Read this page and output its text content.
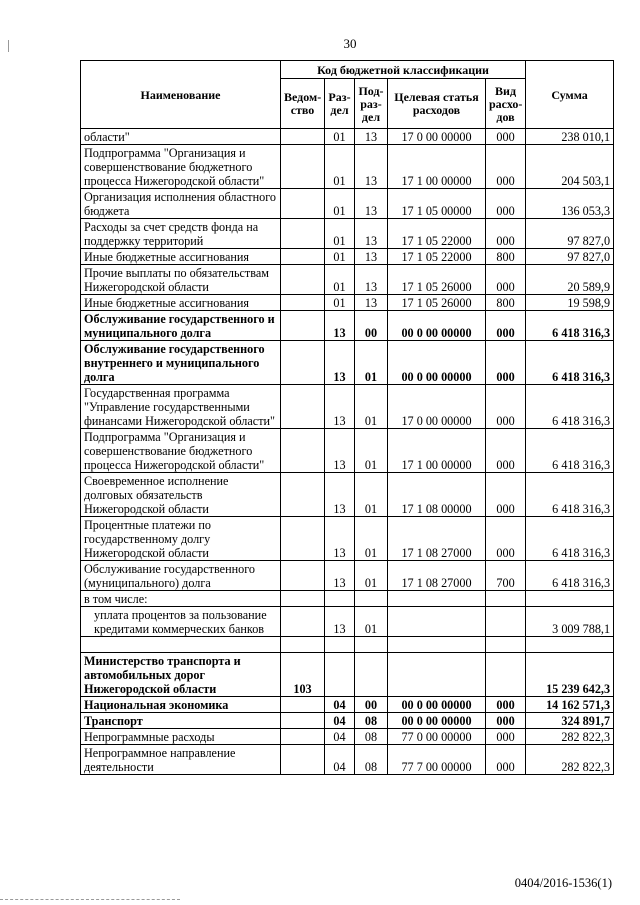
30
Наименование	Код бюджетной классификации					Сумма
	Ведом-ство	Раз-дел	Под-раз-дел	Целевая статья расходов	Вид расхо-дов	
области"		01	13	17 0 00 00000	000	238 010,1
Подпрограмма "Организация и совершенствование бюджетного процесса Нижегородской области"		01	13	17 1 00 00000	000	204 503,1
Организация исполнения областного бюджета		01	13	17 1 05 00000	000	136 053,3
Расходы за счет средств фонда на поддержку территорий		01	13	17 1 05 22000	000	97 827,0
Иные бюджетные ассигнования		01	13	17 1 05 22000	800	97 827,0
Прочие выплаты по обязательствам Нижегородской области		01	13	17 1 05 26000	000	20 589,9
Иные бюджетные ассигнования		01	13	17 1 05 26000	800	19 598,9
Обслуживание государственного и муниципального долга		13	00	00 0 00 00000	000	6 418 316,3
Обслуживание государственного внутреннего и муниципального долга		13	01	00 0 00 00000	000	6 418 316,3
Государственная программа "Управление государственными финансами Нижегородской области"		13	01	17 0 00 00000	000	6 418 316,3
Подпрограмма "Организация и совершенствование бюджетного процесса Нижегородской области"		13	01	17 1 00 00000	000	6 418 316,3
Своевременное исполнение долговых обязательств Нижегородской области		13	01	17 1 08 00000	000	6 418 316,3
Процентные платежи по государственному долгу Нижегородской области		13	01	17 1 08 27000	000	6 418 316,3
Обслуживание государственного (муниципального) долга		13	01	17 1 08 27000	700	6 418 316,3
в том числе:						
уплата процентов за пользование кредитами коммерческих банков		13	01			3 009 788,1

Министерство транспорта и автомобильных дорог Нижегородской области	103					15 239 642,3
Национальная экономика		04	00	00 0 00 00000	000	14 162 571,3
Транспорт		04	08	00 0 00 00000	000	324 891,7
Непрограммные расходы		04	08	77 0 00 00000	000	282 822,3
Непрограммное направление деятельности		04	08	77 7 00 00000	000	282 822,3
0404/2016-1536(1)
